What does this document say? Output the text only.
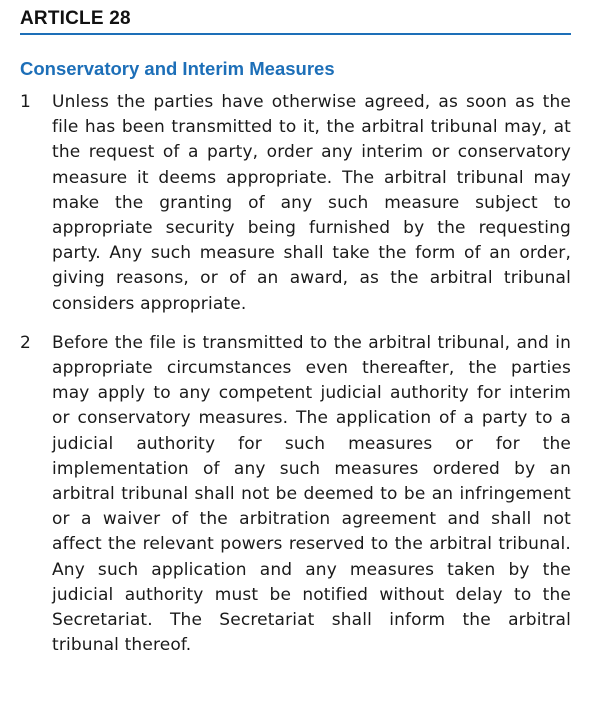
ARTICLE 28
Conservatory and Interim Measures
1	Unless the parties have otherwise agreed, as soon as the file has been transmitted to it, the arbitral tribunal may, at the request of a party, order any interim or conservatory measure it deems appropriate. The arbitral tribunal may make the granting of any such measure subject to appropriate security being furnished by the requesting party. Any such measure shall take the form of an order, giving reasons, or of an award, as the arbitral tribunal considers appropriate.
2	Before the file is transmitted to the arbitral tribunal, and in appropriate circumstances even thereafter, the parties may apply to any competent judicial authority for interim or conservatory measures. The application of a party to a judicial authority for such measures or for the implementation of any such measures ordered by an arbitral tribunal shall not be deemed to be an infringement or a waiver of the arbitration agreement and shall not affect the relevant powers reserved to the arbitral tribunal. Any such application and any measures taken by the judicial authority must be notified without delay to the Secretariat. The Secretariat shall inform the arbitral tribunal thereof.
